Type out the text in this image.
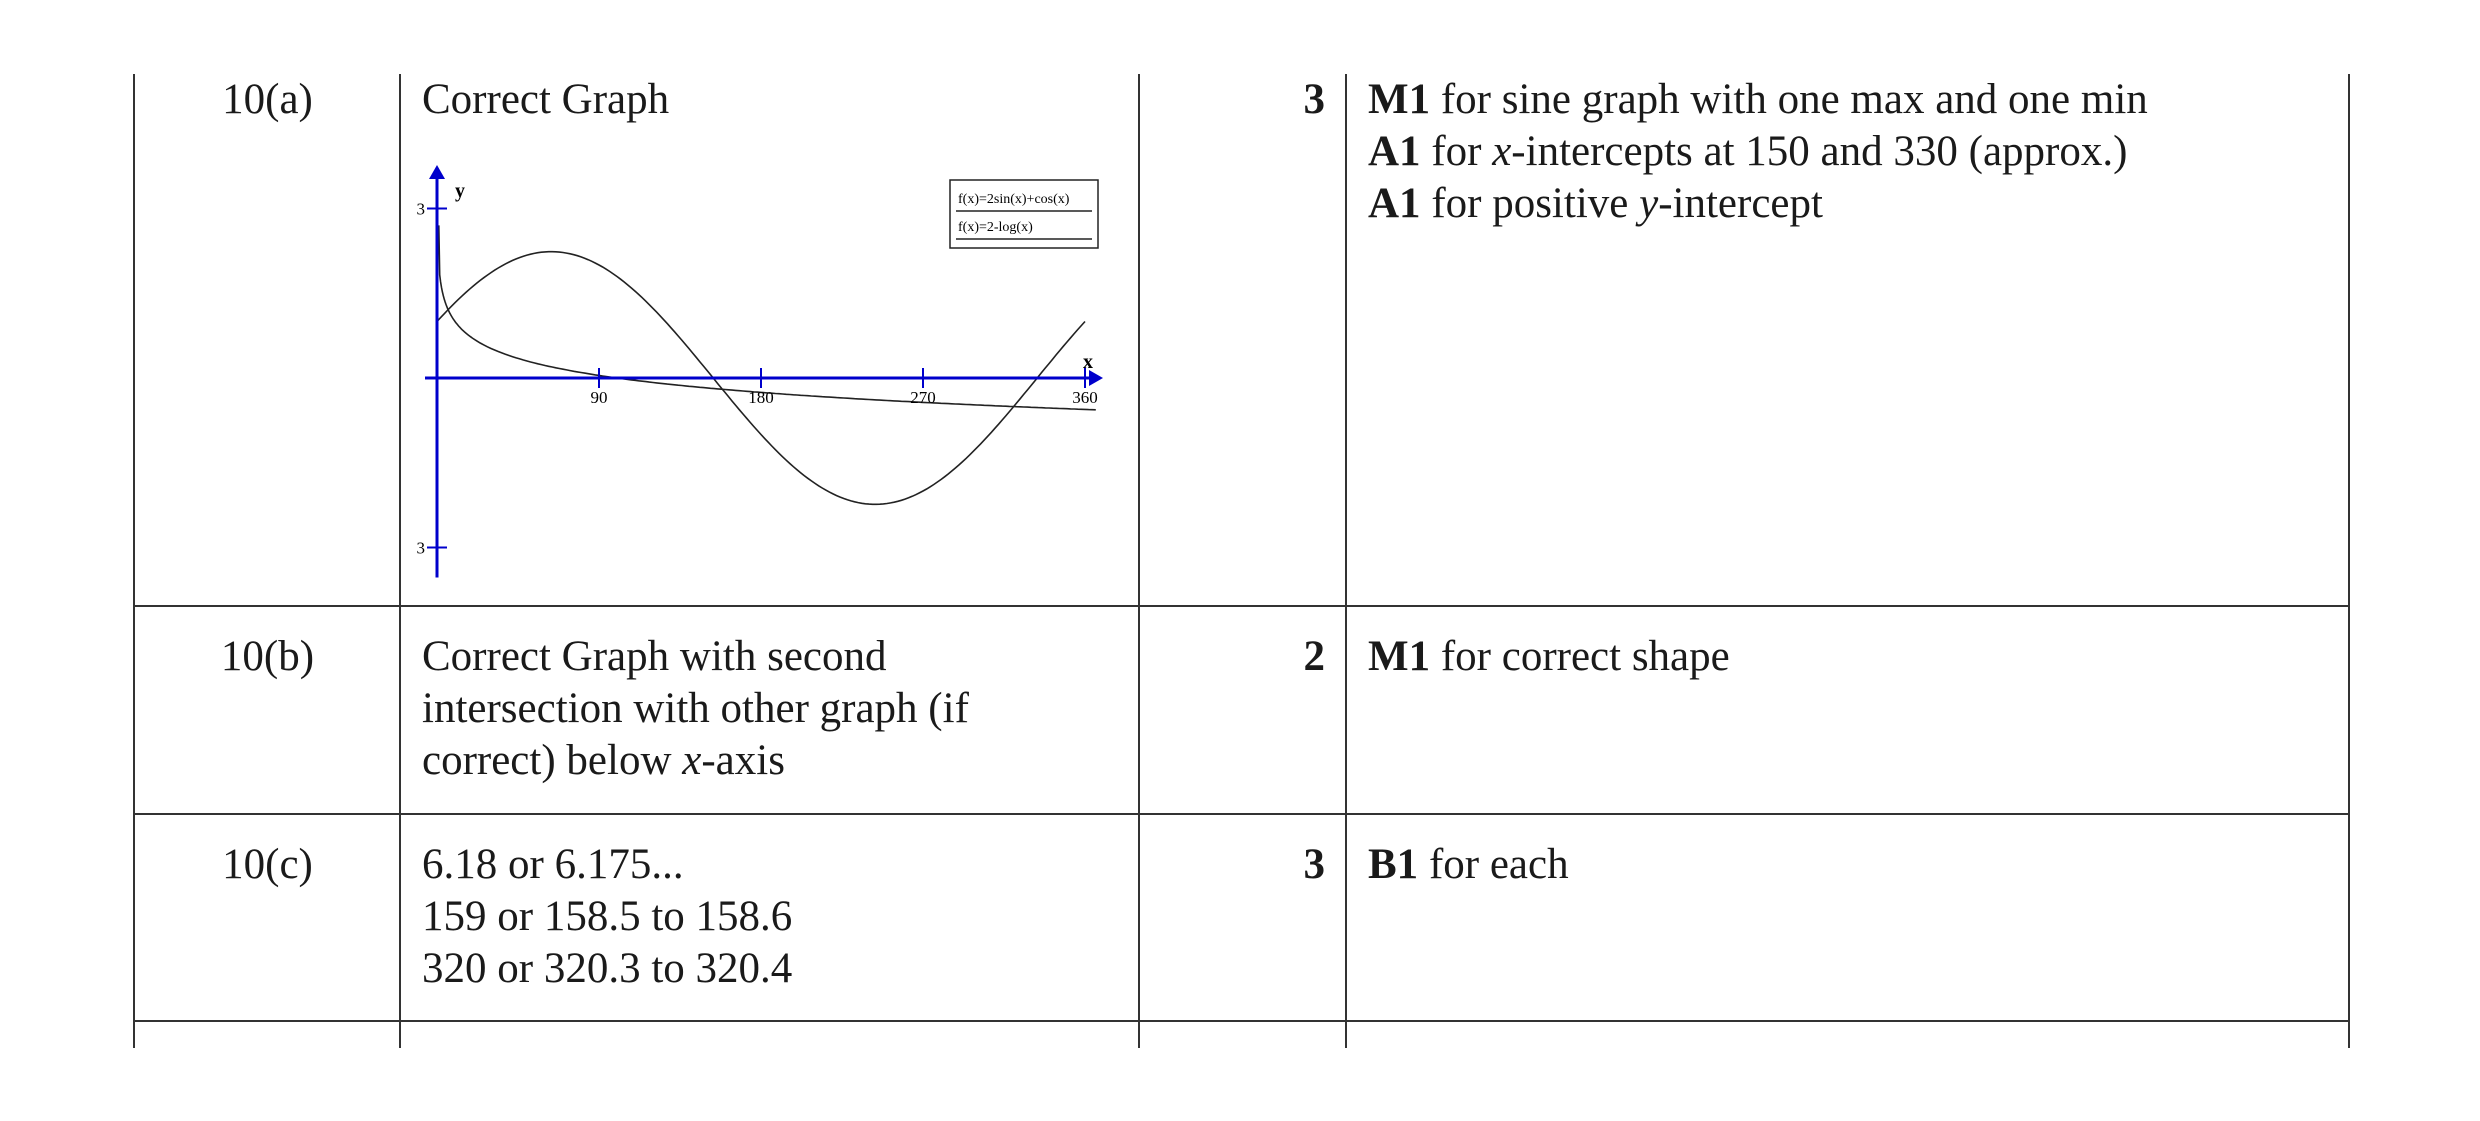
10(a)	Correct Graph	3 M1 for sine graph with one max and one min
A1 for x-intercepts at 150 and 330 (approx.)
A1 for positive y-intercept
y
x
90	180	270	360
3
3
f(x)=2sin(x)+cos(x)
f(x)=2-log(x)
10(b)	Correct Graph with second
intersection with other graph (if
correct) below x-axis
2 M1 for correct shape
10(c)	6.18 or 6.175...
159 or 158.5 to 158.6
320 or 320.3 to 320.4
3 B1 for each
